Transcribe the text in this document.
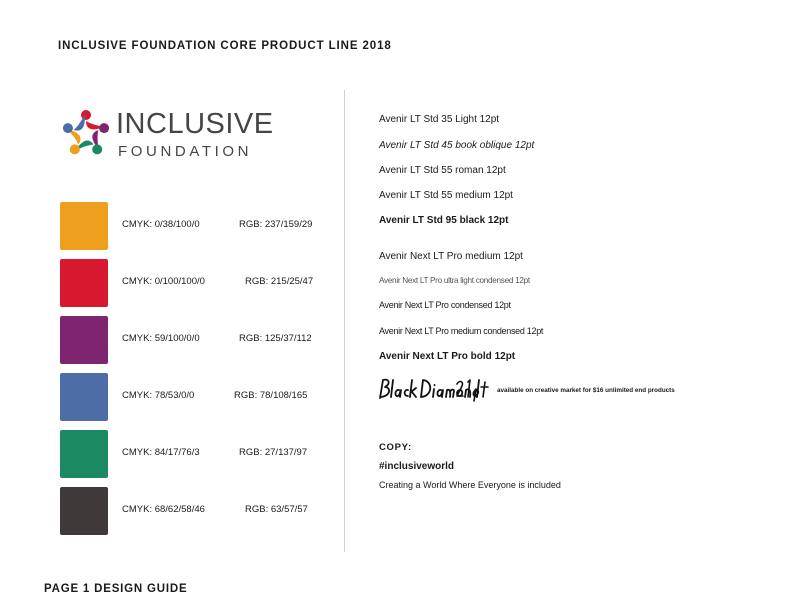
INCLUSIVE FOUNDATION CORE PRODUCT LINE 2018
INCLUSIVE
FOUNDATION
CMYK: 0/38/100/0	RGB: 237/159/29
CMYK: 0/100/100/0	RGB: 215/25/47
CMYK: 59/100/0/0	RGB: 125/37/112
CMYK: 78/53/0/0	RGB: 78/108/165
CMYK: 84/17/76/3	RGB: 27/137/97
CMYK: 68/62/58/46	RGB: 63/57/57
Avenir LT Std 35 Light 12pt
Avenir LT Std 45 book oblique 12pt
Avenir LT Std 55 roman 12pt
Avenir LT Std 55 medium 12pt
Avenir LT Std 95 black 12pt
Avenir Next LT Pro medium 12pt
Avenir Next LT Pro ultra light condensed 12pt
Avenir Next LT Pro condensed 12pt
Avenir Next LT Pro medium condensed 12pt
Avenir Next LT Pro bold 12pt
available on creative market for $16 unlimited end products
COPY:
#inclusiveworld
Creating a World Where Everyone is included
PAGE 1 DESIGN GUIDE
